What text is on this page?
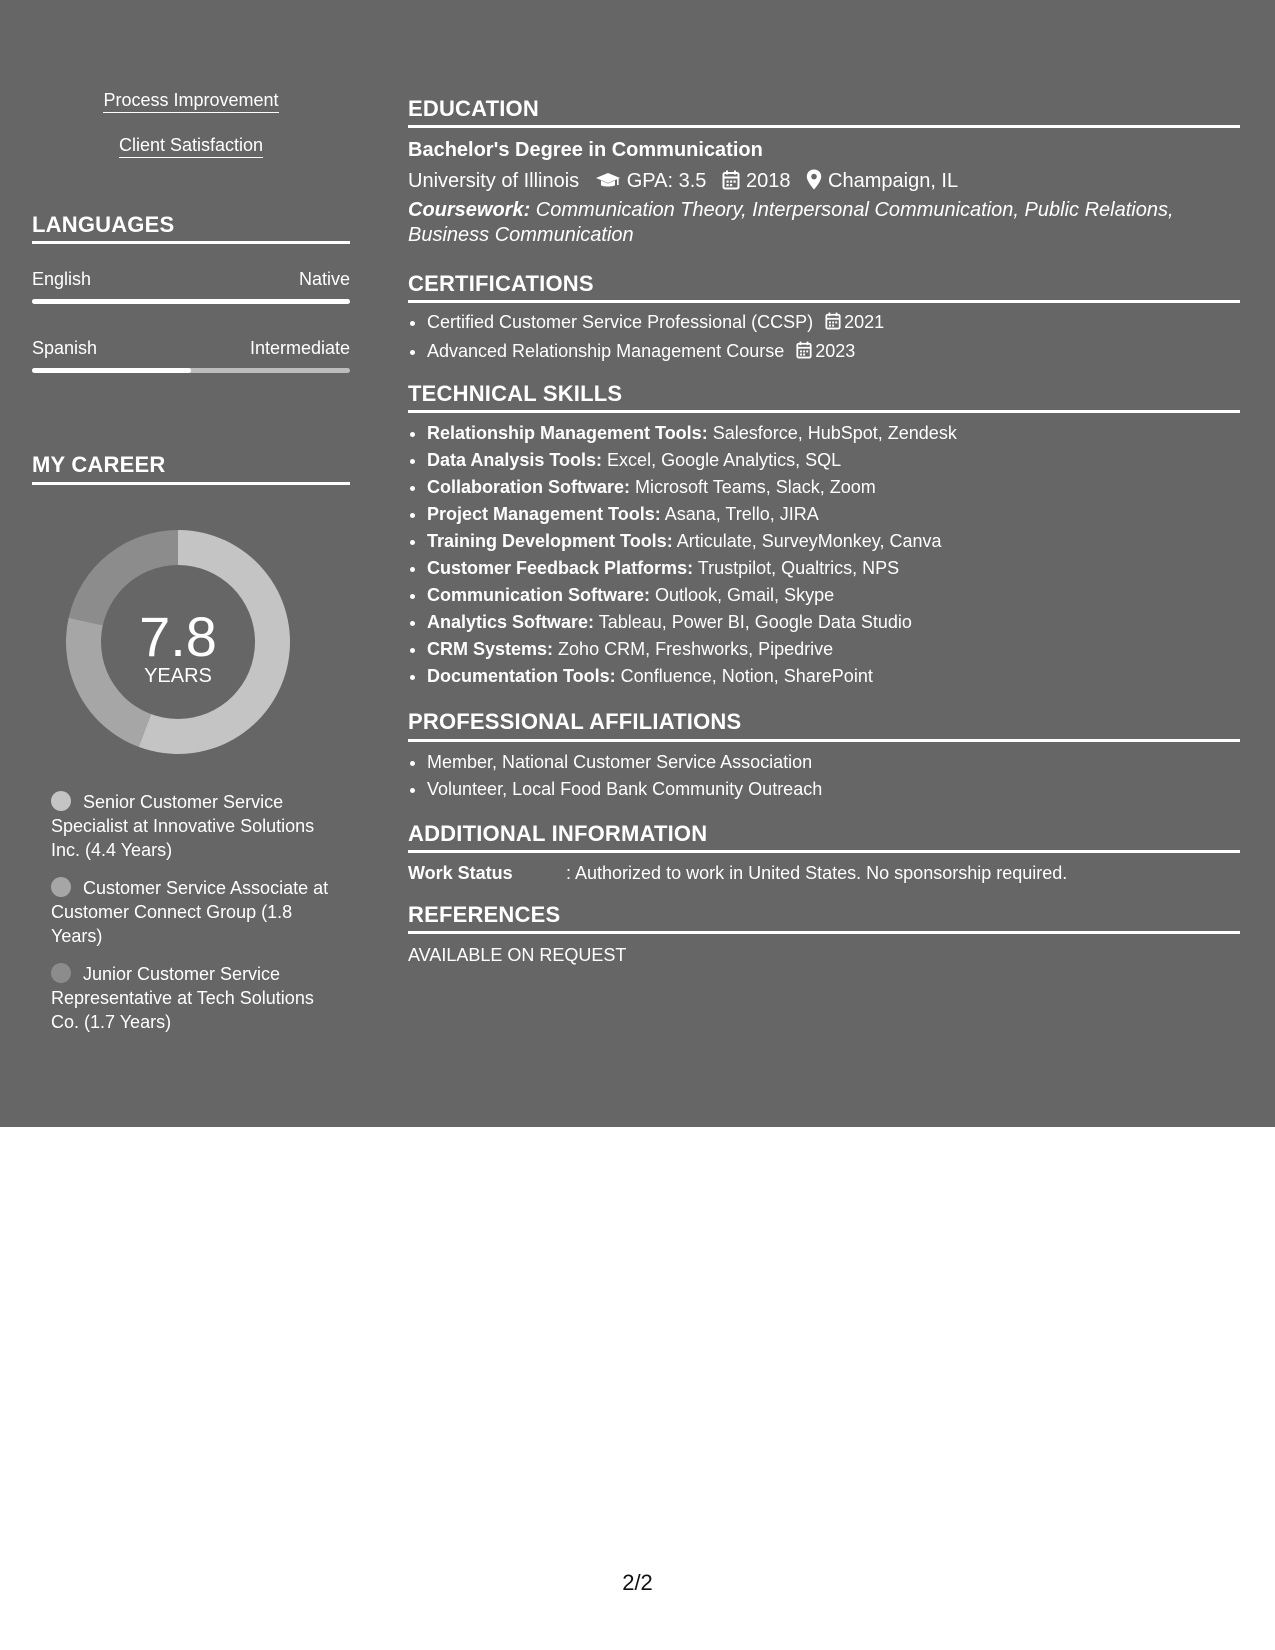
Process Improvement
Client Satisfaction
LANGUAGES
English	Native
Spanish	Intermediate
MY CAREER
7.8
YEARS
Senior Customer Service Specialist at Innovative Solutions Inc. (4.4 Years)
Customer Service Associate at Customer Connect Group (1.8 Years)
Junior Customer Service Representative at Tech Solutions Co. (1.7 Years)
EDUCATION
Bachelor's Degree in Communication
University of Illinois GPA: 3.5 2018 Champaign, IL
Coursework: Communication Theory, Interpersonal Communication, Public Relations, Business Communication
CERTIFICATIONS
• Certified Customer Service Professional (CCSP) 2021
• Advanced Relationship Management Course 2023
TECHNICAL SKILLS
• Relationship Management Tools: Salesforce, HubSpot, Zendesk
• Data Analysis Tools: Excel, Google Analytics, SQL
• Collaboration Software: Microsoft Teams, Slack, Zoom
• Project Management Tools: Asana, Trello, JIRA
• Training Development Tools: Articulate, SurveyMonkey, Canva
• Customer Feedback Platforms: Trustpilot, Qualtrics, NPS
• Communication Software: Outlook, Gmail, Skype
• Analytics Software: Tableau, Power BI, Google Data Studio
• CRM Systems: Zoho CRM, Freshworks, Pipedrive
• Documentation Tools: Confluence, Notion, SharePoint
PROFESSIONAL AFFILIATIONS
• Member, National Customer Service Association
• Volunteer, Local Food Bank Community Outreach
ADDITIONAL INFORMATION
Work Status	: Authorized to work in United States. No sponsorship required.
REFERENCES
AVAILABLE ON REQUEST
2/2
